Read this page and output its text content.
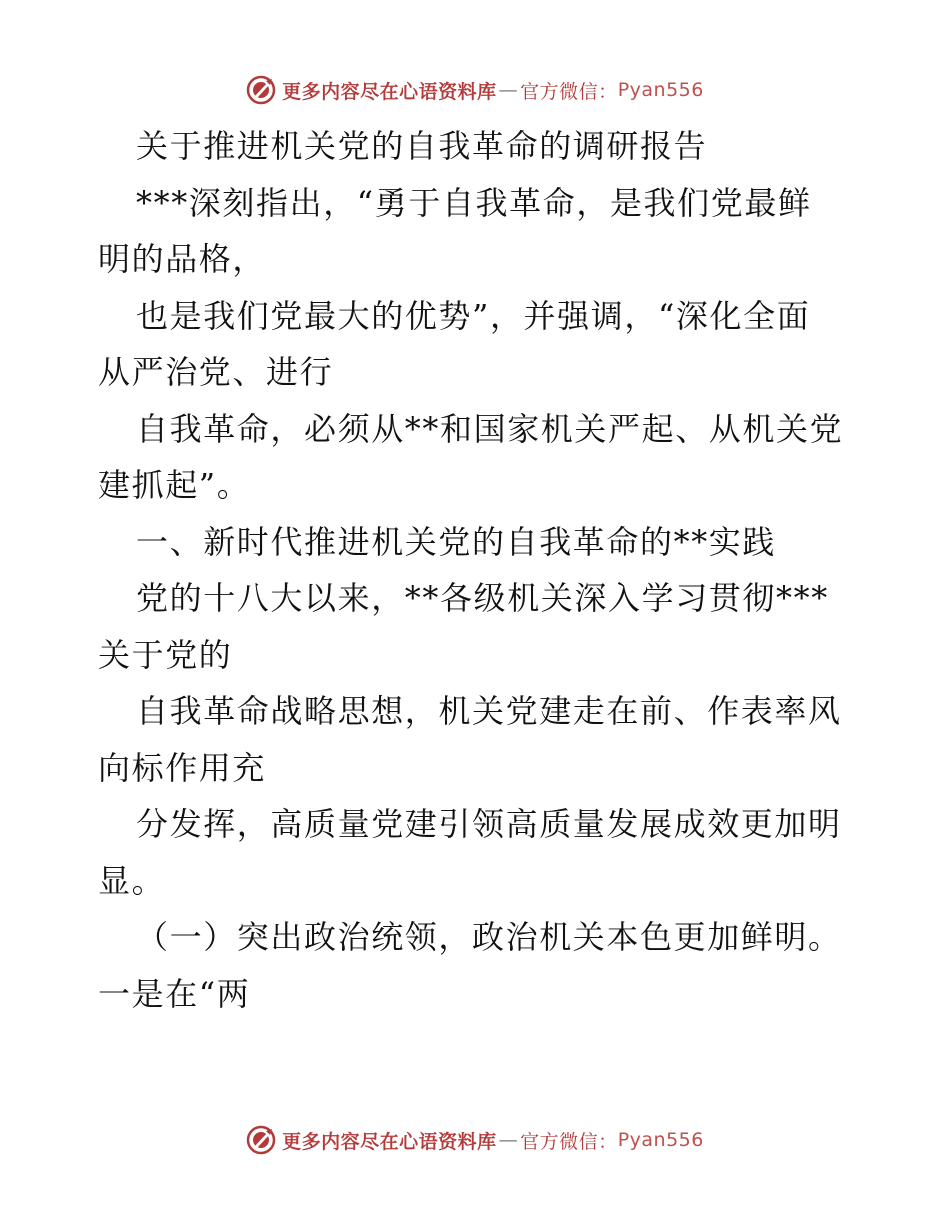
更多内容尽在心语资料库 — 官方微信： Pyan556
关于推进机关党的自我革命的调研报告
***深刻指出，“勇于自我革命，是我们党最鲜
明的品格，
也是我们党最大的优势”，并强调，“深化全面
从严治党、进行
自我革命，必须从**和国家机关严起、从机关党
建抓起”。
一、新时代推进机关党的自我革命的**实践
党的十八大以来，**各级机关深入学习贯彻***
关于党的
自我革命战略思想，机关党建走在前、作表率风
向标作用充
分发挥，高质量党建引领高质量发展成效更加明
显。
（一）突出政治统领，政治机关本色更加鲜明。
一是在“两
更多内容尽在心语资料库 — 官方微信： Pyan556
